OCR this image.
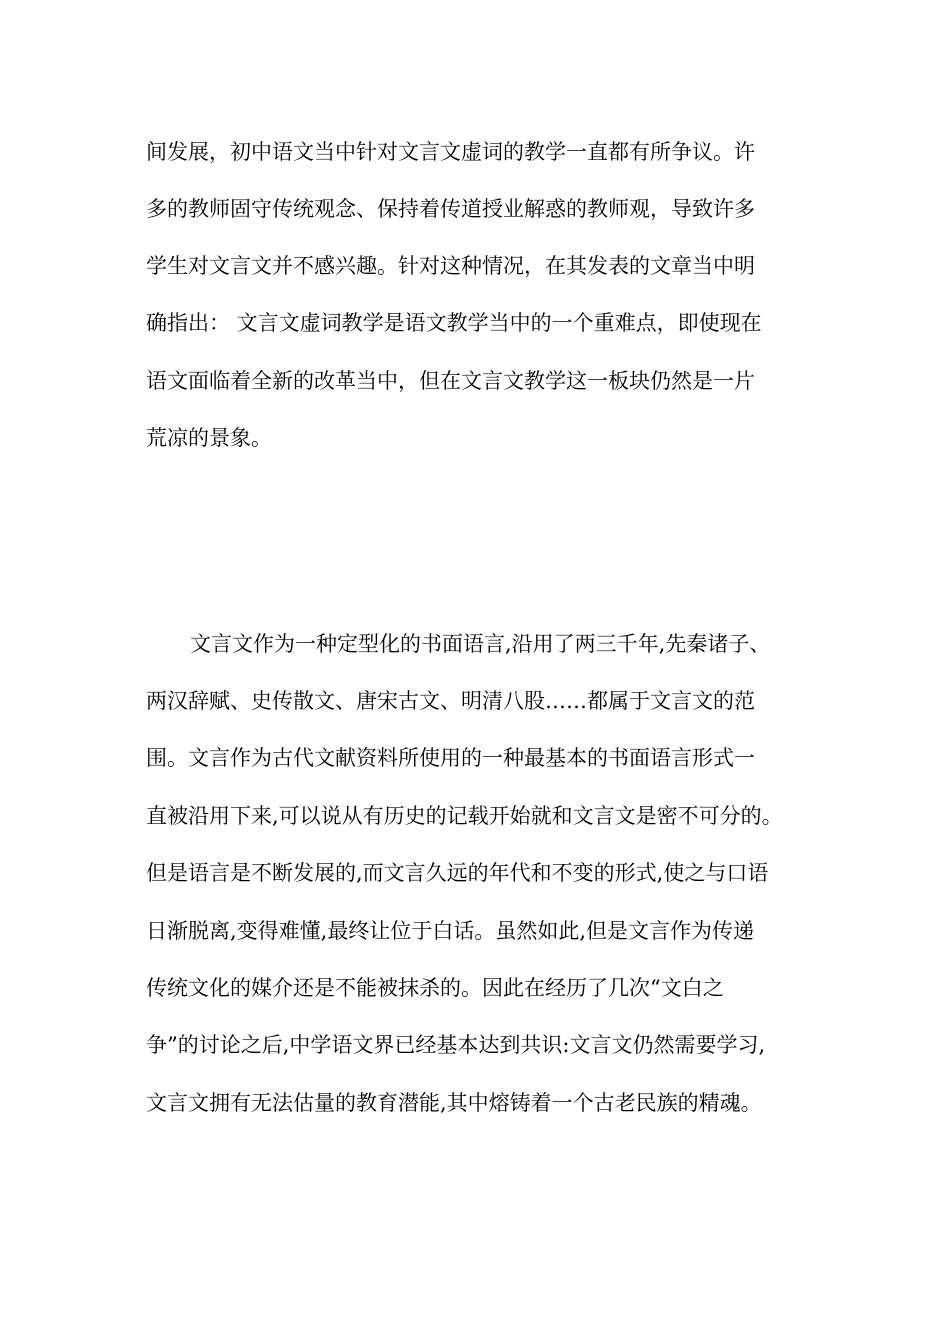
间发展，初中语文当中针对文言文虚词的教学一直都有所争议。许
多的教师固守传统观念、保持着传道授业解惑的教师观，导致许多
学生对文言文并不感兴趣。针对这种情况，在其发表的文章当中明
确指出： 文言文虚词教学是语文教学当中的一个重难点，即使现在
语文面临着全新的改革当中，但在文言文教学这一板块仍然是一片
荒凉的景象。
文言文作为一种定型化的书面语言,沿用了两三千年,先秦诸子、
两汉辞赋、史传散文、唐宋古文、明清八股……都属于文言文的范
围。文言作为古代文献资料所使用的一种最基本的书面语言形式一
直被沿用下来,可以说从有历史的记载开始就和文言文是密不可分的。
但是语言是不断发展的,而文言久远的年代和不变的形式,使之与口语
日渐脱离,变得难懂,最终让位于白话。虽然如此,但是文言作为传递
传统文化的媒介还是不能被抹杀的。因此在经历了几次“文白之
争”的讨论之后,中学语文界已经基本达到共识:文言文仍然需要学习,
文言文拥有无法估量的教育潜能,其中熔铸着一个古老民族的精魂。
